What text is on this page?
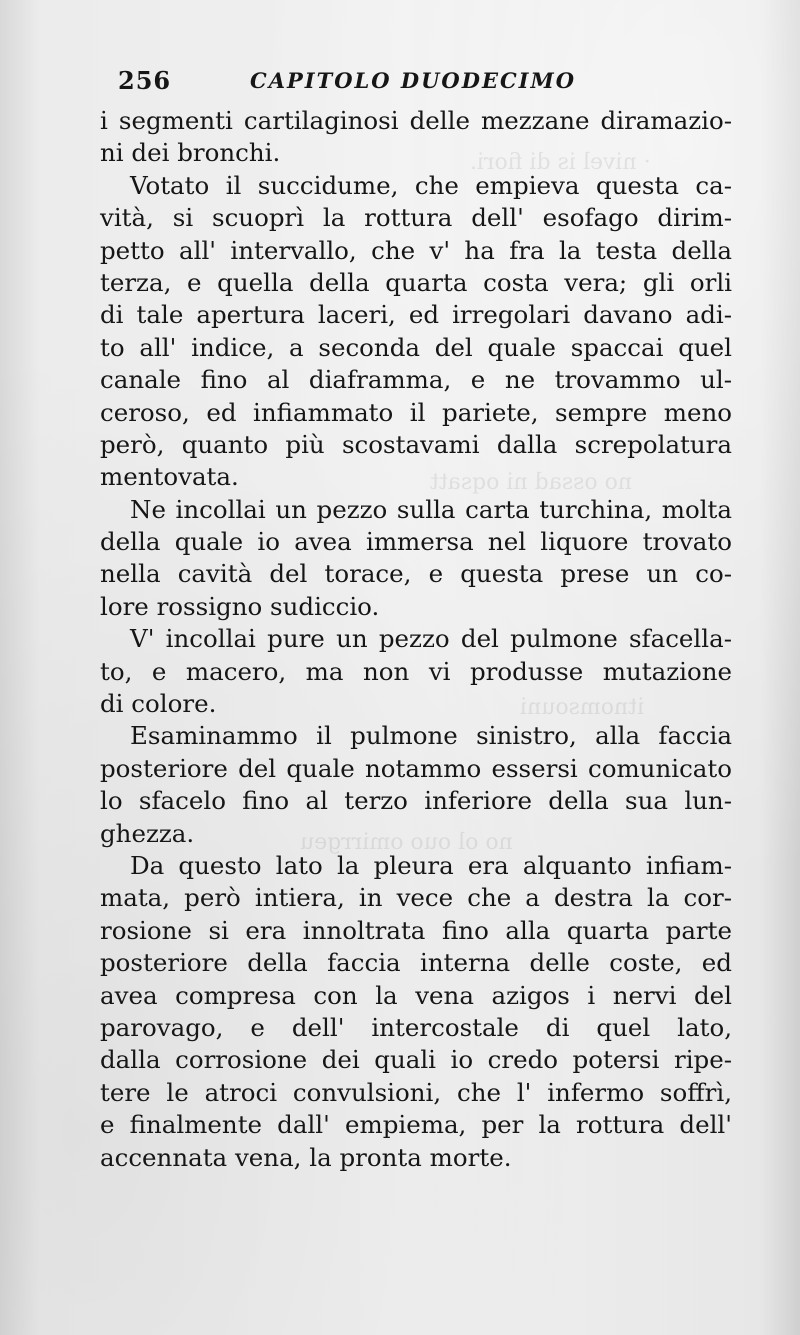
· nivel is di fiori.
no ossad ni oqsatt
itnomsouni
no ol ouo omirrgeu
256	CAPITOLO DUODECIMO
i segmenti cartilaginosi delle mezzane diramazio-
ni dei bronchi.
Votato il succidume, che empieva questa ca-
vità, si scuoprì la rottura dell' esofago dirim-
petto all' intervallo, che v' ha fra la testa della
terza, e quella della quarta costa vera; gli orli
di tale apertura laceri, ed irregolari davano adi-
to all' indice, a seconda del quale spaccai quel
canale fino al diaframma, e ne trovammo ul-
ceroso, ed infiammato il pariete, sempre meno
però, quanto più scostavami dalla screpolatura
mentovata.
Ne incollai un pezzo sulla carta turchina, molta
della quale io avea immersa nel liquore trovato
nella cavità del torace, e questa prese un co-
lore rossigno sudiccio.
V' incollai pure un pezzo del pulmone sfacella-
to, e macero, ma non vi produsse mutazione
di colore.
Esaminammo il pulmone sinistro, alla faccia
posteriore del quale notammo essersi comunicato
lo sfacelo fino al terzo inferiore della sua lun-
ghezza.
Da questo lato la pleura era alquanto infiam-
mata, però intiera, in vece che a destra la cor-
rosione si era innoltrata fino alla quarta parte
posteriore della faccia interna delle coste, ed
avea compresa con la vena azigos i nervi del
parovago, e dell' intercostale di quel lato,
dalla corrosione dei quali io credo potersi ripe-
tere le atroci convulsioni, che l' infermo soffrì,
e finalmente dall' empiema, per la rottura dell'
accennata vena, la pronta morte.
